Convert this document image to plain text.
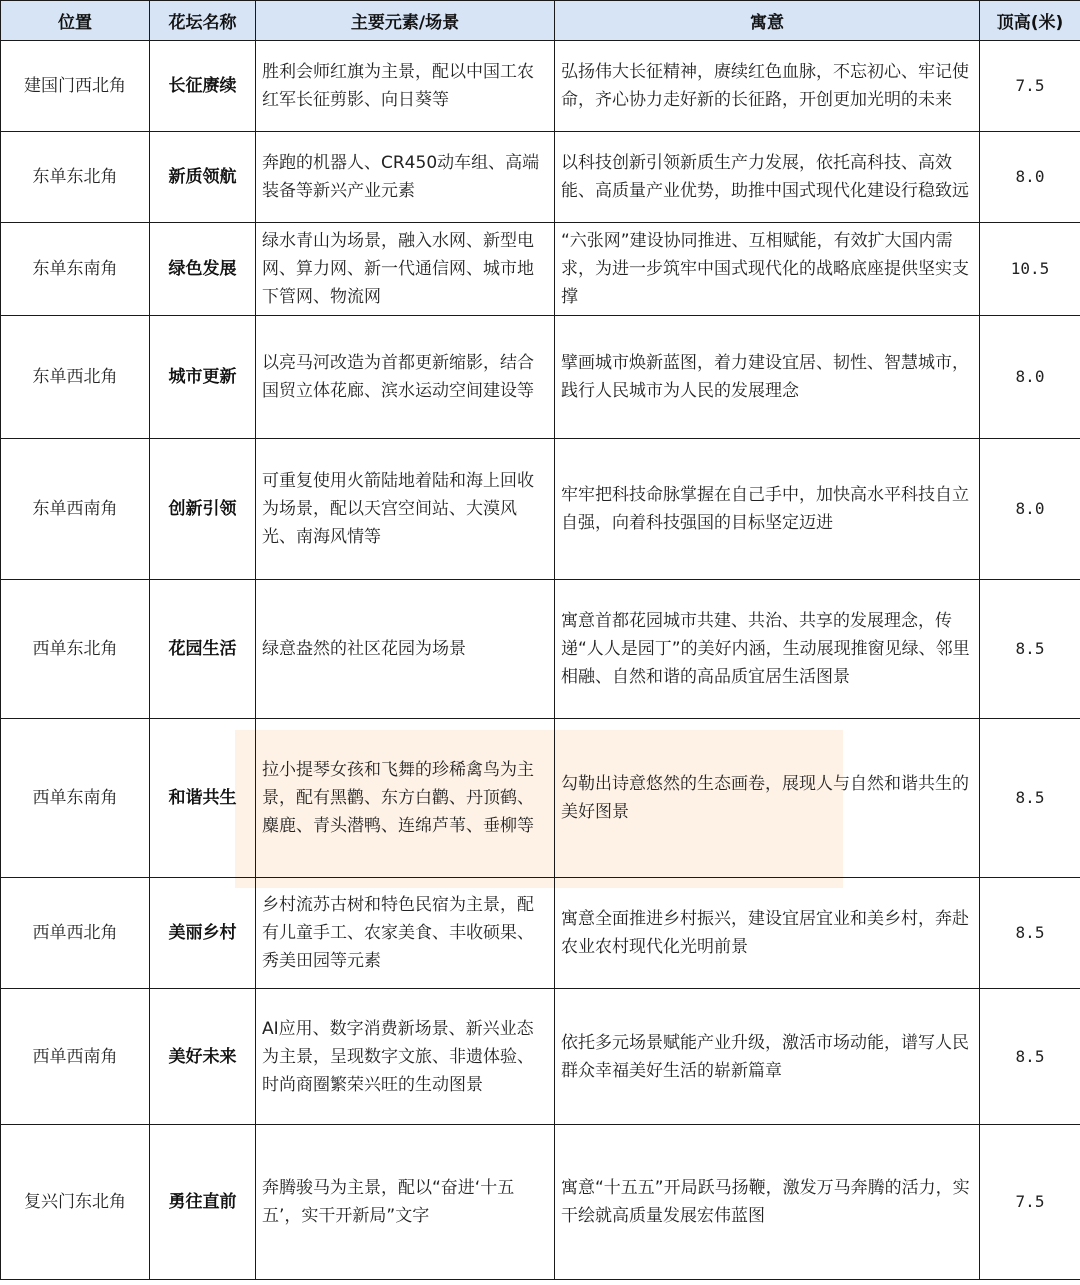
位置	花坛名称	主要元素/场景	寓意	顶高(米)
建国门西北角	长征赓续	胜利会师红旗为主景，配以中国工农红军长征剪影、向日葵等	弘扬伟大长征精神，赓续红色血脉，不忘初心、牢记使命，齐心协力走好新的长征路，开创更加光明的未来	7.5
东单东北角	新质领航	奔跑的机器人、CR450动车组、高端装备等新兴产业元素	以科技创新引领新质生产力发展，依托高科技、高效能、高质量产业优势，助推中国式现代化建设行稳致远	8.0
东单东南角	绿色发展	绿水青山为场景，融入水网、新型电网、算力网、新一代通信网、城市地下管网、物流网	“六张网”建设协同推进、互相赋能，有效扩大国内需求，为进一步筑牢中国式现代化的战略底座提供坚实支撑	10.5
东单西北角	城市更新	以亮马河改造为首都更新缩影，结合国贸立体花廊、滨水运动空间建设等	擘画城市焕新蓝图，着力建设宜居、韧性、智慧城市，践行人民城市为人民的发展理念	8.0
东单西南角	创新引领	可重复使用火箭陆地着陆和海上回收为场景，配以天宫空间站、大漠风光、南海风情等	牢牢把科技命脉掌握在自己手中，加快高水平科技自立自强，向着科技强国的目标坚定迈进	8.0
西单东北角	花园生活	绿意盎然的社区花园为场景	寓意首都花园城市共建、共治、共享的发展理念，传递“人人是园丁”的美好内涵，生动展现推窗见绿、邻里相融、自然和谐的高品质宜居生活图景	8.5
西单东南角	和谐共生	拉小提琴女孩和飞舞的珍稀禽鸟为主景，配有黑鹳、东方白鹳、丹顶鹤、麋鹿、青头潜鸭、连绵芦苇、垂柳等	勾勒出诗意悠然的生态画卷，展现人与自然和谐共生的美好图景	8.5
西单西北角	美丽乡村	乡村流苏古树和特色民宿为主景，配有儿童手工、农家美食、丰收硕果、秀美田园等元素	寓意全面推进乡村振兴，建设宜居宜业和美乡村，奔赴农业农村现代化光明前景	8.5
西单西南角	美好未来	AI应用、数字消费新场景、新兴业态为主景，呈现数字文旅、非遗体验、时尚商圈繁荣兴旺的生动图景	依托多元场景赋能产业升级，激活市场动能，谱写人民群众幸福美好生活的崭新篇章	8.5
复兴门东北角	勇往直前	奔腾骏马为主景，配以“奋进‘十五五’，实干开新局”文字	寓意“十五五”开局跃马扬鞭，激发万马奔腾的活力，实干绘就高质量发展宏伟蓝图	7.5
